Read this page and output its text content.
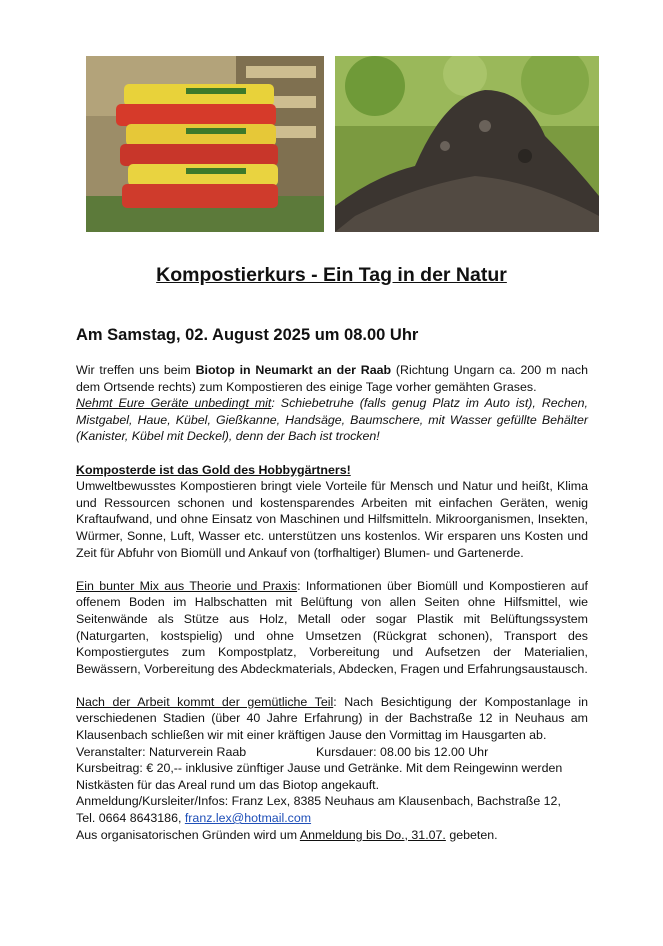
Kompostierkurs - Ein Tag in der Natur
Am Samstag, 02. August 2025 um 08.00 Uhr

Wir treffen uns beim Biotop in Neumarkt an der Raab (Richtung Ungarn ca. 200 m nach dem Ortsende rechts) zum Kompostieren des einige Tage vorher gemähten Grases.

Nehmt Eure Geräte unbedingt mit: Schiebetruhe (falls genug Platz im Auto ist), Rechen, Mistgabel, Haue, Kübel, Gießkanne, Handsäge, Baumschere, mit Wasser gefüllte Behälter (Kanister, Kübel mit Deckel), denn der Bach ist trocken!

Komposterde ist das Gold des Hobbygärtners!

Umweltbewusstes Kompostieren bringt viele Vorteile für Mensch und Natur und heißt, Klima und Ressourcen schonen und kostensparendes Arbeiten mit einfachen Geräten, wenig Kraftaufwand, und ohne Einsatz von Maschinen und Hilfsmitteln. Mikroorganismen, Insekten, Würmer, Sonne, Luft, Wasser etc. unterstützen uns kostenlos. Wir ersparen uns Kosten und Zeit für Abfuhr von Biomüll und Ankauf von (torfhaltiger) Blumen- und Gartenerde.

Ein bunter Mix aus Theorie und Praxis: Informationen über Biomüll und Kompostieren auf offenem Boden im Halbschatten mit Belüftung von allen Seiten ohne Hilfsmittel, wie Seitenwände als Stütze aus Holz, Metall oder sogar Plastik mit Belüftungssystem (Naturgarten, kostspielig) und ohne Umsetzen (Rückgrat schonen), Transport des Kompostiergutes zum Kompostplatz, Vorbereitung und Aufsetzen der Materialien, Bewässern, Vorbereitung des Abdeckmaterials, Abdecken, Fragen und Erfahrungsaustausch.

Nach der Arbeit kommt der gemütliche Teil: Nach Besichtigung der Kompostanlage in verschiedenen Stadien (über 40 Jahre Erfahrung) in der Bachstraße 12 in Neuhaus am Klausenbach schließen wir mit einer kräftigen Jause den Vormittag im Hausgarten ab.

Veranstalter: Naturverein Raab	Kursdauer: 08.00 bis 12.00 Uhr

Kursbeitrag: € 20,-- inklusive zünftiger Jause und Getränke. Mit dem Reingewinn werden Nistkästen für das Areal rund um das Biotop angekauft.

Anmeldung/Kursleiter/Infos: Franz Lex, 8385 Neuhaus am Klausenbach, Bachstraße 12,

Tel. 0664 8643186, franz.lex@hotmail.com

Aus organisatorischen Gründen wird um Anmeldung bis Do., 31.07. gebeten.
